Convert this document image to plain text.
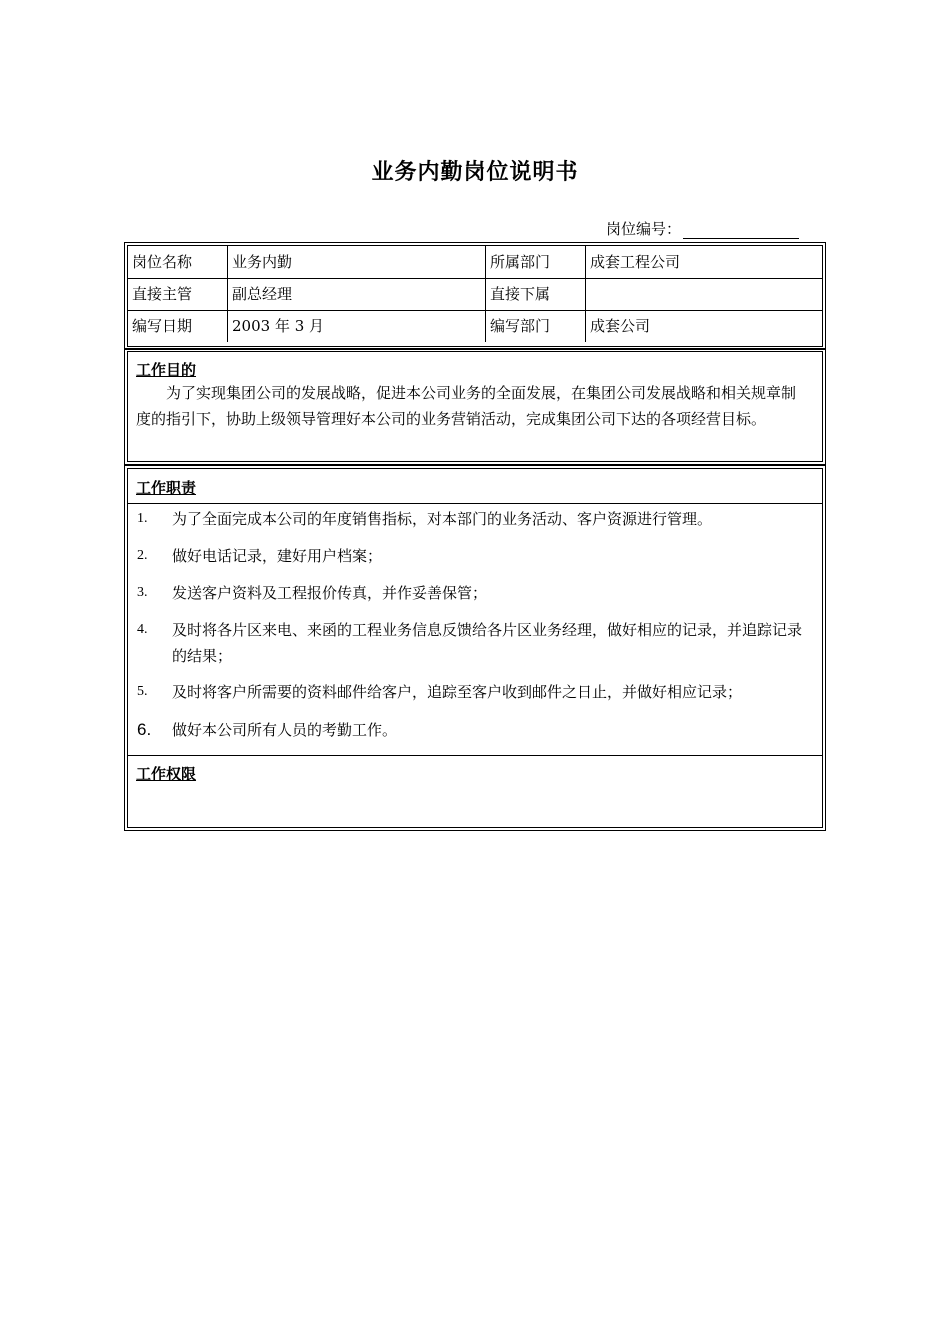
业务内勤岗位说明书
岗位编号：
岗位名称	业务内勤	所属部门	成套工程公司
直接主管	副总经理	直接下属
编写日期	2003 年 3 月	编写部门	成套公司
工作目的
为了实现集团公司的发展战略，促进本公司业务的全面发展，在集团公司发展战略和相关规章制度的指引下，协助上级领导管理好本公司的业务营销活动，完成集团公司下达的各项经营目标。
工作职责
1.	为了全面完成本公司的年度销售指标，对本部门的业务活动、客户资源进行管理。
2.	做好电话记录，建好用户档案；
3.	发送客户资料及工程报价传真，并作妥善保管；
4.	及时将各片区来电、来函的工程业务信息反馈给各片区业务经理，做好相应的记录，并追踪记录的结果；
5.	及时将客户所需要的资料邮件给客户，追踪至客户收到邮件之日止，并做好相应记录；
6.	做好本公司所有人员的考勤工作。
工作权限
